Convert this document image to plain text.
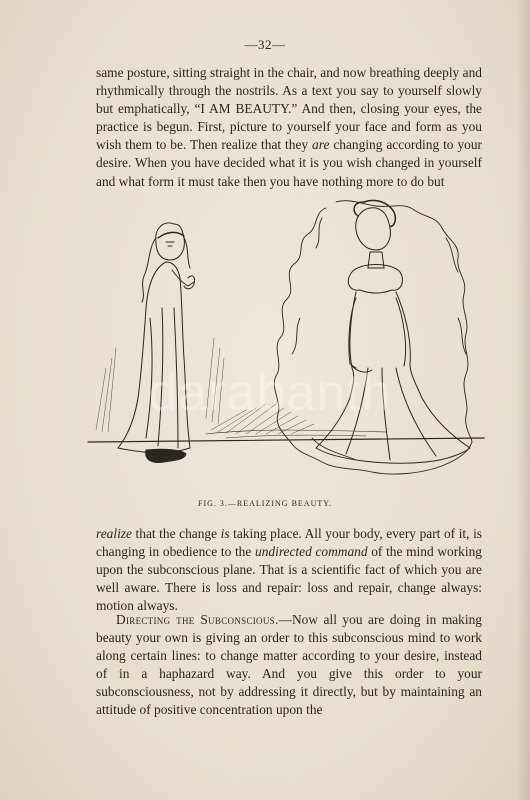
—32—

same posture, sitting straight in the chair, and now breathing deeply and rhythmically through the nostrils. As a text you say to yourself slowly but emphatically, “I AM BEAUTY.” And then, closing your eyes, the practice is begun. First, picture to yourself your face and form as you wish them to be. Then realize that they are changing according to your desire. When you have decided what it is you wish changed in yourself and what form it must take then you have nothing more to do but

darabanth
FIG. 3.—REALIZING BEAUTY.

realize that the change is taking place. All your body, every part of it, is changing in obedience to the undirected command of the mind working upon the subconscious plane. That is a scientific fact of which you are well aware. There is loss and repair: loss and repair, change always: motion always.

Directing the Subconscious.—Now all you are doing in making beauty your own is giving an order to this subconscious mind to work along certain lines: to change matter according to your desire, instead of in a haphazard way. And you give this order to your subconsciousness, not by addressing it directly, but by maintaining an attitude of positive concentration upon the
